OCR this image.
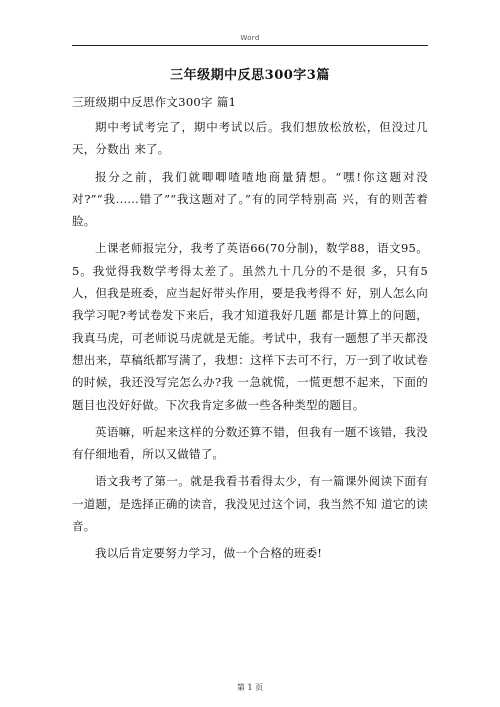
Word
三年级期中反思300字3篇
三班级期中反思作文300字 篇1

期中考试考完了，期中考试以后。我们想放松放松，但没过几天，分数出 来了。

报分之前，我们就唧唧喳喳地商量猜想。“嘿!你这题对没对?”“我......错了”“我这题对了。”有的同学特别高 兴，有的则苦着脸。

上课老师报完分，我考了英语66(70分制)，数学88，语文95。5。我觉得我数学考得太差了。虽然九十几分的不是很 多，只有5人，但我是班委，应当起好带头作用，要是我考得不 好，别人怎么向我学习呢?考试卷发下来后，我才知道我好几题 都是计算上的问题，我真马虎，可老师说马虎就是无能。考试中，我有一题想了半天都没想出来，草稿纸都写满了，我想：这样下去可不行，万一到了收试卷的时候，我还没写完怎么办?我 一急就慌，一慌更想不起来，下面的题目也没好好做。下次我肯定多做一些各种类型的题目。

英语嘛，听起来这样的分数还算不错，但我有一题不该错，我没有仔细地看，所以又做错了。

语文我考了第一。就是我看书看得太少，有一篇课外阅读下面有一道题，是选择正确的读音，我没见过这个词，我当然不知 道它的读音。

我以后肯定要努力学习，做一个合格的班委!

第 1 页
